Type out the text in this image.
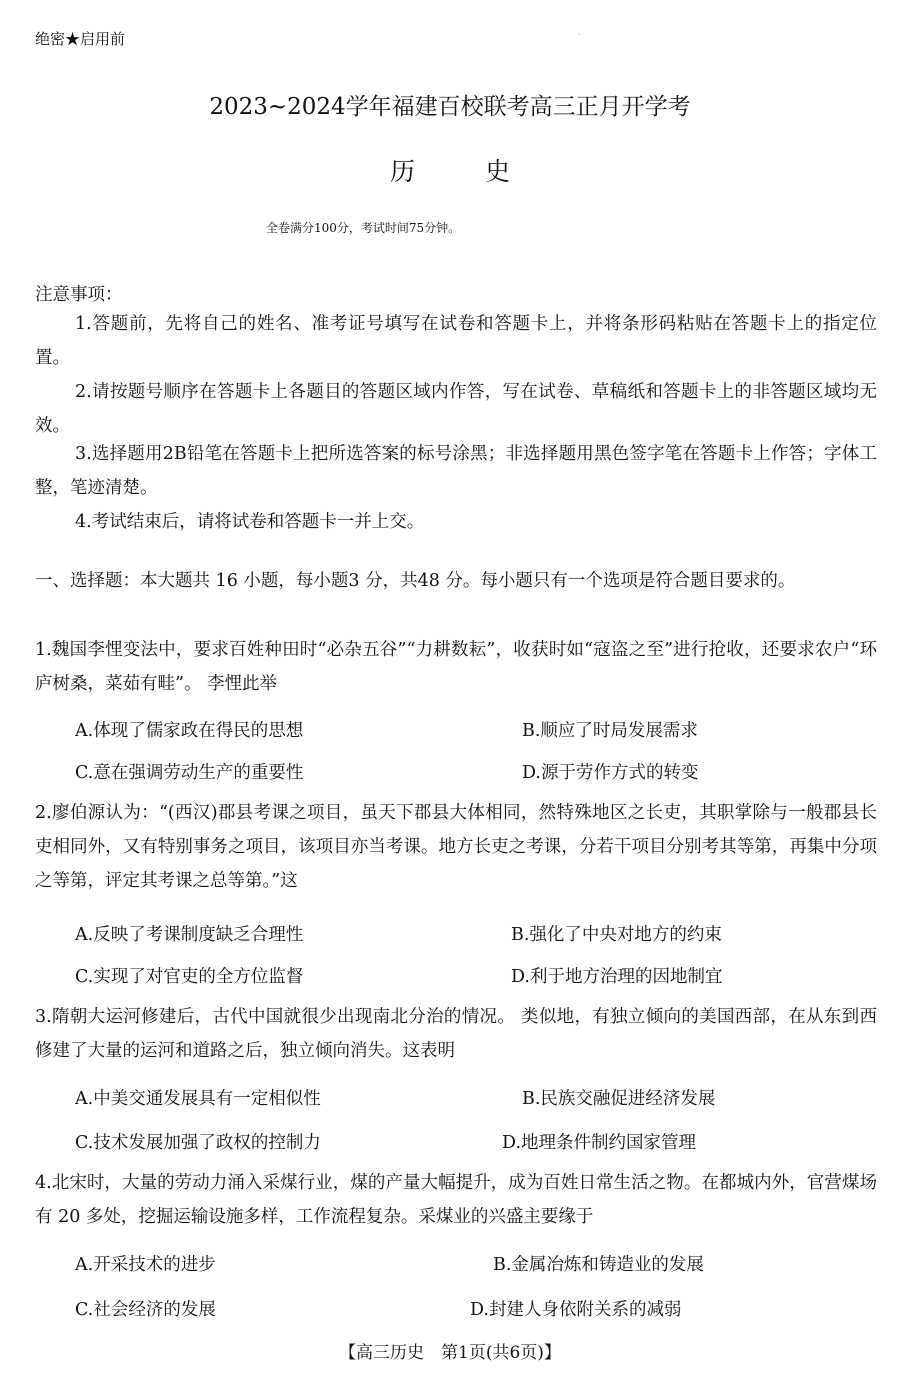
绝密★启用前	·
2023~2024学年福建百校联考高三正月开学考
历史
全卷满分100分，考试时间75分钟。
注意事项：
1.答题前，先将自己的姓名、准考证号填写在试卷和答题卡上，并将条形码粘贴在答题卡上的指定位置。
2.请按题号顺序在答题卡上各题目的答题区域内作答，写在试卷、草稿纸和答题卡上的非答题区域均无效。
3.选择题用2B铅笔在答题卡上把所选答案的标号涂黑；非选择题用黑色签字笔在答题卡上作答；字体工整，笔迹清楚。
4.考试结束后，请将试卷和答题卡一并上交。
一、选择题：本大题共 16 小题，每小题3 分，共48 分。每小题只有一个选项是符合题目要求的。
1.魏国李悝变法中，要求百姓种田时“必杂五谷”“力耕数耘”，收获时如“寇盗之至”进行抢收，还要求农户“环庐树桑，菜茹有畦”。 李悝此举
A.体现了儒家政在得民的思想	B.顺应了时局发展需求
C.意在强调劳动生产的重要性	D.源于劳作方式的转变
2.廖伯源认为：“(西汉)郡县考课之项目，虽天下郡县大体相同，然特殊地区之长吏，其职掌除与一般郡县长吏相同外，又有特别事务之项目，该项目亦当考课。地方长吏之考课，分若干项目分别考其等第，再集中分项之等第，评定其考课之总等第。”这
A.反映了考课制度缺乏合理性	B.强化了中央对地方的约束
C.实现了对官吏的全方位监督	D.利于地方治理的因地制宜
3.隋朝大运河修建后，古代中国就很少出现南北分治的情况。 类似地，有独立倾向的美国西部，在从东到西修建了大量的运河和道路之后，独立倾向消失。这表明
A.中美交通发展具有一定相似性	B.民族交融促进经济发展
C.技术发展加强了政权的控制力	D.地理条件制约国家管理
4.北宋时，大量的劳动力涌入采煤行业，煤的产量大幅提升，成为百姓日常生活之物。在都城内外，官营煤场有 20 多处，挖掘运输设施多样，工作流程复杂。采煤业的兴盛主要缘于
A.开采技术的进步	B.金属冶炼和铸造业的发展
C.社会经济的发展	D.封建人身依附关系的减弱
【高三历史　第1页(共6页)】
